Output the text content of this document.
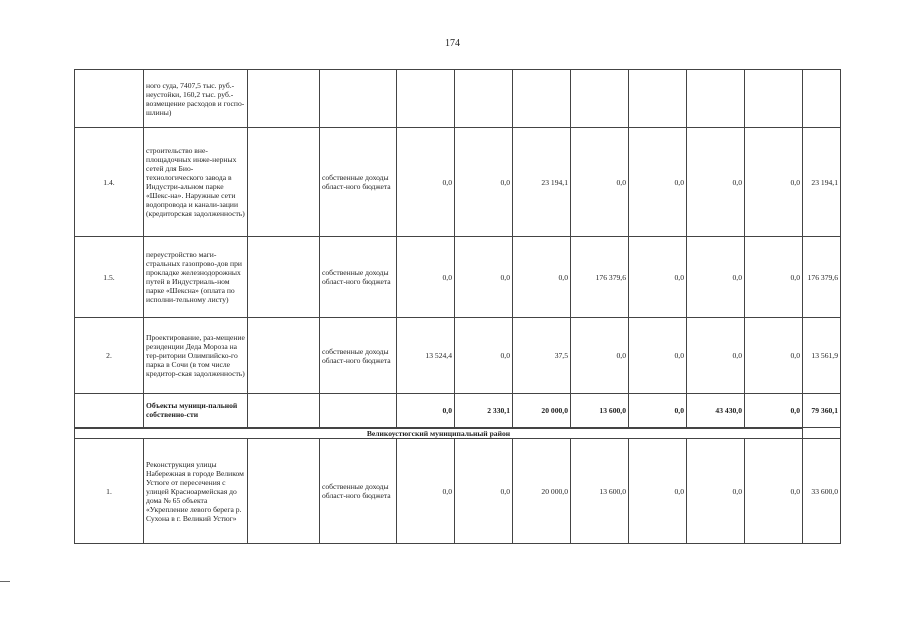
174
	ного суда, 7407,5 тыс. руб.- неустойки, 160,2 тыс. руб.- возмещение расходов и госпо-шлины)										
1.4.	строительство вне-площадочных инже-нерных сетей для Био-технологического завода в Индустри-альном парке «Шекс-на». Наружные сети водопровода и канали-зации (кредиторская задолженность)		собственные доходы област-ного бюджета	0,0	0,0	23 194,1	0,0	0,0	0,0	0,0	23 194,1
1.5.	переустройство маги-стральных газопрово-дов при прокладке железнодорожных путей в Индустриаль-ном парке «Шексна» (оплата по исполни-тельному листу)		собственные доходы област-ного бюджета	0,0	0,0	0,0	176 379,6	0,0	0,0	0,0	176 379,6
2.	Проектирование, раз-мещение резиденции Деда Мороза на тер-ритории Олимпийско-го парка в Сочи (в том числе кредитор-ская задолженность)		собственные доходы област-ного бюджета	13 524,4	0,0	37,5	0,0	0,0	0,0	0,0	13 561,9
	Объекты муници-пальной собственно-сти			0,0	2 330,1	20 000,0	13 600,0	0,0	43 430,0	0,0	79 360,1
Великоустюгский муниципальный район											
1.	Реконструкция улицы Набережная в городе Великом Устюге от пересечения с улицей Красноармейская до дома № 65 объекта «Укрепление левого берега р. Сухона в г. Великий Устюг»		собственные доходы област-ного бюджета	0,0	0,0	20 000,0	13 600,0	0,0	0,0	0,0	33 600,0
